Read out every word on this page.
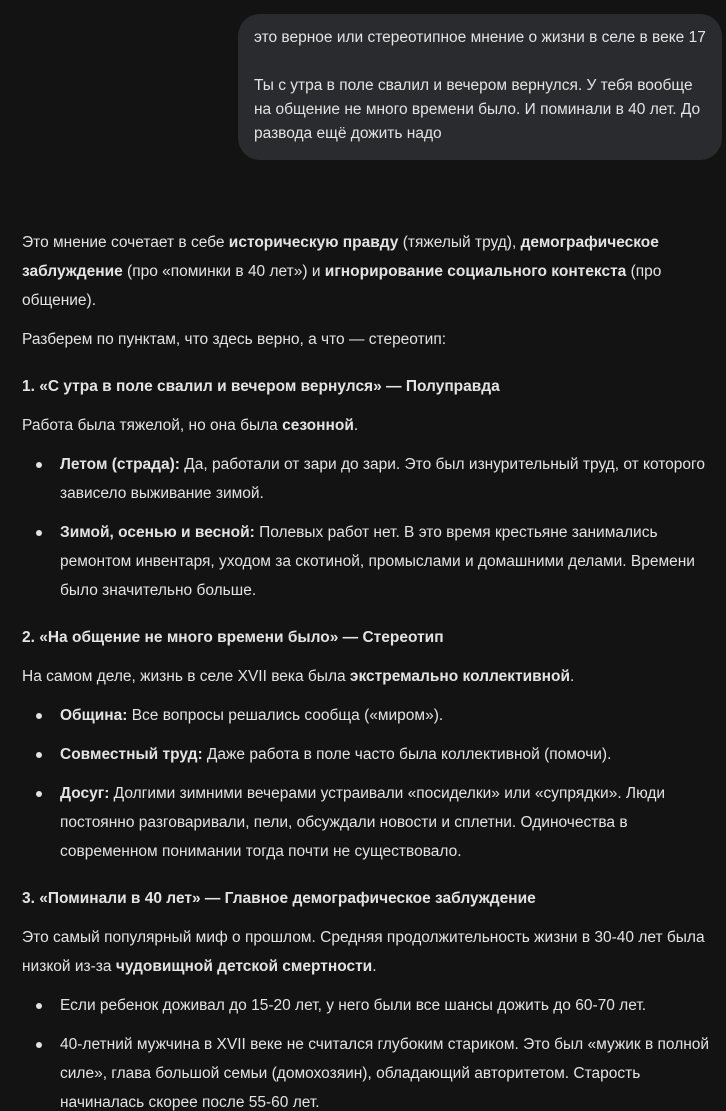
это верное или стереотипное мнение о жизни в селе в веке 17

Ты с утра в поле свалил и вечером вернулся. У тебя вообще на общение не много времени было. И поминали в 40 лет. До развода ещё дожить надо

Это мнение сочетает в себе историческую правду (тяжелый труд), демографическое заблуждение (про «поминки в 40 лет») и игнорирование социального контекста (про общение).

Разберем по пунктам, что здесь верно, а что — стереотип:

1. «С утра в поле свалил и вечером вернулся» — Полуправда

Работа была тяжелой, но она была сезонной.

Летом (страда): Да, работали от зари до зари. Это был изнурительный труд, от которого зависело выживание зимой.
Зимой, осенью и весной: Полевых работ нет. В это время крестьяне занимались ремонтом инвентаря, уходом за скотиной, промыслами и домашними делами. Времени было значительно больше.
2. «На общение не много времени было» — Стереотип

На самом деле, жизнь в селе XVII века была экстремально коллективной.

Община: Все вопросы решались сообща («миром»).
Совместный труд: Даже работа в поле часто была коллективной (помочи).
Досуг: Долгими зимними вечерами устраивали «посиделки» или «супрядки». Люди постоянно разговаривали, пели, обсуждали новости и сплетни. Одиночества в современном понимании тогда почти не существовало.
3. «Поминали в 40 лет» — Главное демографическое заблуждение

Это самый популярный миф о прошлом. Средняя продолжительность жизни в 30-40 лет была низкой из-за чудовищной детской смертности.

Если ребенок доживал до 15-20 лет, у него были все шансы дожить до 60-70 лет.
40-летний мужчина в XVII веке не считался глубоким стариком. Это был «мужик в полной силе», глава большой семьи (домохозяин), обладающий авторитетом. Старость начиналась скорее после 55-60 лет.
